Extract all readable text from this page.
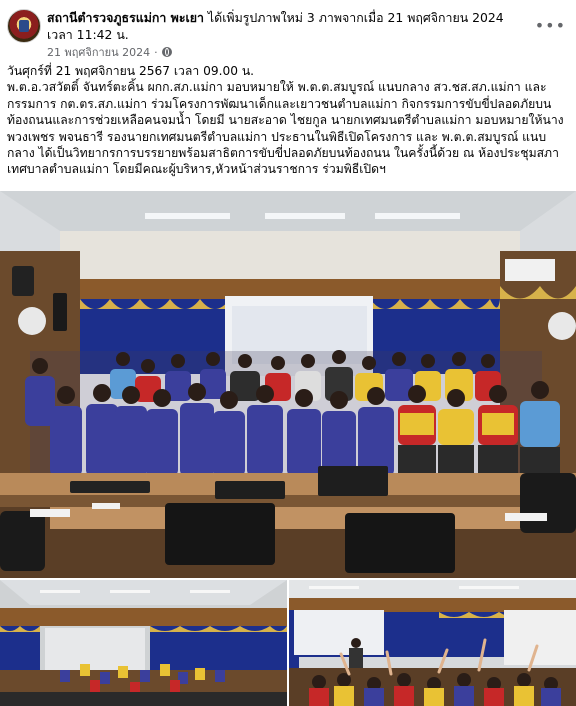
สถานีตำรวจภูธรแม่กา พะเยา ได้เพิ่มรูปภาพใหม่ 3 ภาพจากเมื่อ 21 พฤศจิกายน 2024 เวลา 11:42 น.
21 พฤศจิกายน 2024 ·
•••

วันศุกร์ที่ 21 พฤศจิกายน 2567 เวลา 09.00 น.

พ.ต.อ.วสวัตติ์ จันทร์ตะคิ้น ผกก.สภ.แม่กา มอบหมายให้ พ.ต.ต.สมบูรณ์ แนบกลาง สว.ชส.สภ.แม่กา และกรรมการ กต.ตร.สภ.แม่กา ร่วมโครงการพัฒนาเด็กและเยาวชนตำบลแม่กา กิจกรรมการขับขี่ปลอดภัยบนท้องถนนและการช่วยเหลือคนจมน้ำ โดยมี นายสะอาด ไชยกูล นายกเทศมนตรีตำบลแม่กา มอบหมายให้นางพวงเพชร พจนธารี รองนายกเทศมนตรีตำบลแม่กา ประธานในพิธีเปิดโครงการ และ พ.ต.ต.สมบูรณ์ แนบกลาง ได้เป็นวิทยากรการบรรยายพร้อมสาธิตการขับขี่ปลอดภัยบนท้องถนน ในครั้งนี้ด้วย ณ ห้องประชุมสภาเทศบาลตำบลแม่กา โดยมีคณะผู้บริหาร,หัวหน้าส่วนราชการ ร่วมพิธีเปิดฯ
